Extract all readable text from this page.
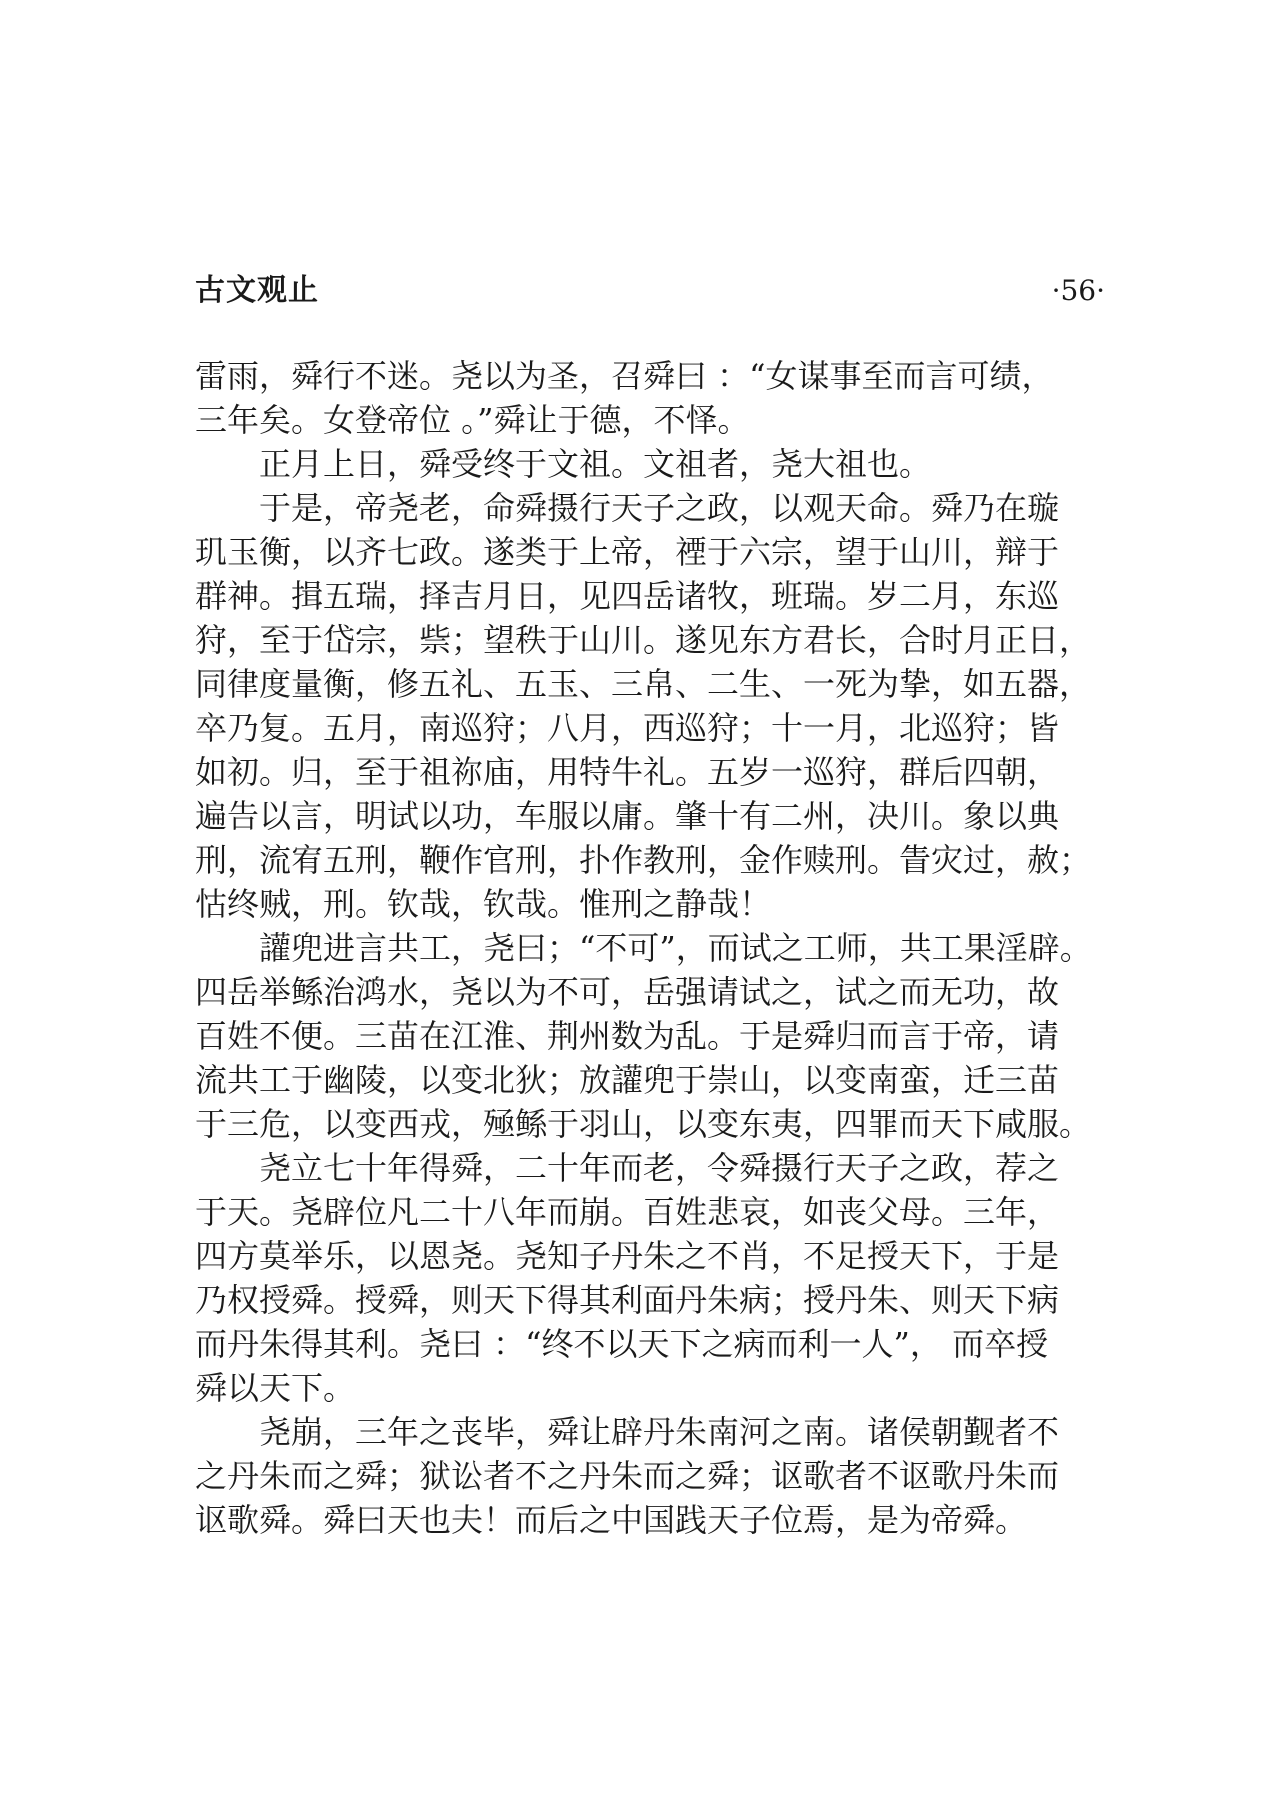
古文观止	·56·
雷雨，舜行不迷。尧以为圣，召舜曰 ：“女谋事至而言可绩，
三年矣。女登帝位 。”舜让于德，不怿。
正月上日，舜受终于文祖。文祖者，尧大祖也。
于是，帝尧老，命舜摄行天子之政，以观天命。舜乃在璇
玑玉衡，以齐七政。遂类于上帝，禋于六宗，望于山川，辩于
群神。揖五瑞，择吉月日，见四岳诸牧，班瑞。岁二月，东巡
狩，至于岱宗，祡；望秩于山川。遂见东方君长，合时月正日，
同律度量衡，修五礼、五玉、三帛、二生、一死为挚，如五器，
卒乃复。五月，南巡狩；八月，西巡狩；十一月，北巡狩；皆
如初。归，至于祖祢庙，用特牛礼。五岁一巡狩，群后四朝，
遍告以言，明试以功，车服以庸。肇十有二州，决川。象以典
刑，流宥五刑，鞭作官刑，扑作教刑，金作赎刑。眚灾过，赦；
怙终贼，刑。钦哉，钦哉。惟刑之静哉！
讙兜进言共工，尧曰；“不可”，而试之工师，共工果淫辟。
四岳举鲧治鸿水，尧以为不可，岳强请试之，试之而无功，故
百姓不便。三苗在江淮、荆州数为乱。于是舜归而言于帝，请
流共工于幽陵，以变北狄；放讙兜于崇山，以变南蛮，迁三苗
于三危，以变西戎，殛鲧于羽山，以变东夷，四罪而天下咸服。
尧立七十年得舜，二十年而老，令舜摄行天子之政，荐之
于天。尧辟位凡二十八年而崩。百姓悲哀，如丧父母。三年，
四方莫举乐，以恩尧。尧知子丹朱之不肖，不足授天下，于是
乃权授舜。授舜，则天下得其利面丹朱病；授丹朱、则天下病
而丹朱得其利。尧曰 ：“终不以天下之病而利一人”， 而卒授
舜以天下。
尧崩，三年之丧毕，舜让辟丹朱南河之南。诸侯朝觐者不
之丹朱而之舜；狱讼者不之丹朱而之舜；讴歌者不讴歌丹朱而
讴歌舜。舜曰天也夫！而后之中国践天子位焉，是为帝舜。
